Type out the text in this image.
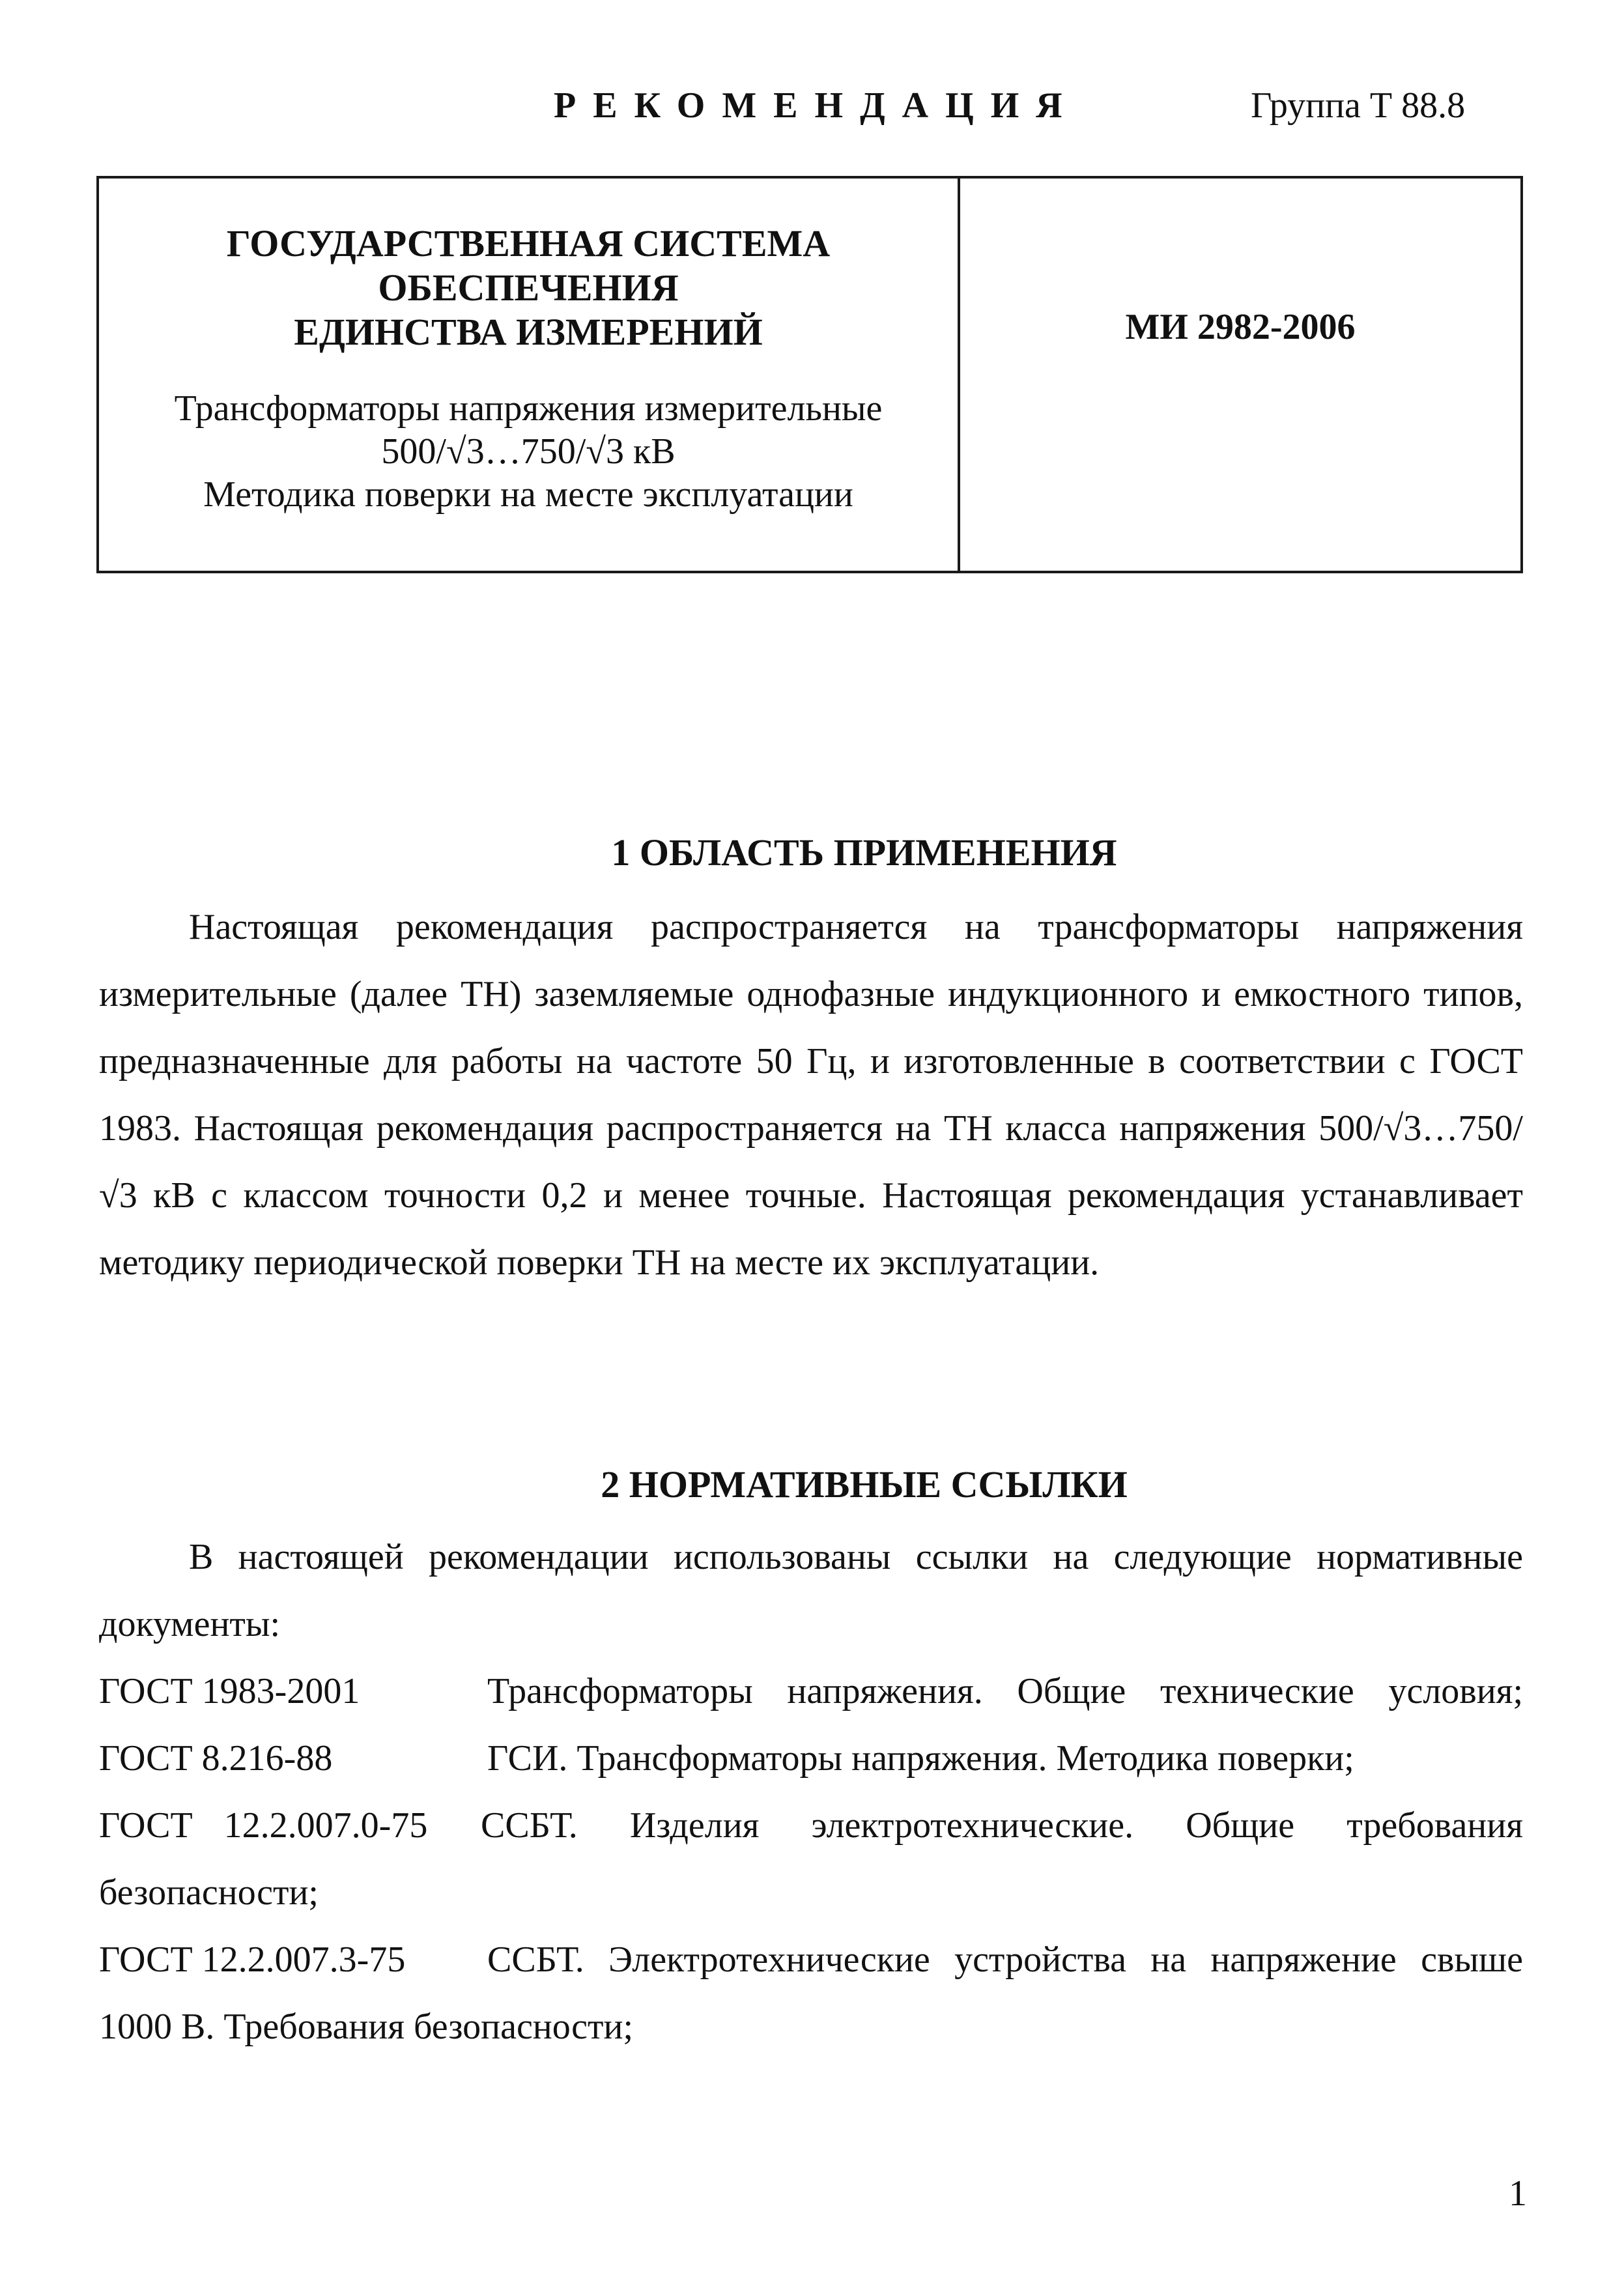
РЕКОМЕНДАЦИЯ	Группа Т 88.8
ГОСУДАРСТВЕННАЯ СИСТЕМА
ОБЕСПЕЧЕНИЯ
ЕДИНСТВА ИЗМЕРЕНИЙ
Трансформаторы напряжения измерительные
500/√3…750/√3 кВ
Методика поверки на месте эксплуатации
МИ 2982-2006
1 ОБЛАСТЬ ПРИМЕНЕНИЯ

Настоящая рекомендация распространяется на трансформаторы напряжения измерительные (далее ТН) заземляемые однофазные индукционного и емкостного типов, предназначенные для работы на частоте 50 Гц, и изготовленные в соответствии с ГОСТ 1983. Настоящая рекомендация распространяется на ТН класса напряжения 500/√3…750/√3 кВ с классом точности 0,2 и менее точные. Настоящая рекомендация устанавливает методику периодической поверки ТН на месте их эксплуатации.

2 НОРМАТИВНЫЕ ССЫЛКИ

В настоящей рекомендации использованы ссылки на следующие нормативные документы:

ГОСТ 1983-2001	Трансформаторы напряжения. Общие технические условия;
ГОСТ 8.216-88	ГСИ. Трансформаторы напряжения. Методика поверки;
ГОСТ 12.2.007.0-75 ССБТ. Изделия электротехнические. Общие требования
безопасности;
ГОСТ 12.2.007.3-75 ССБТ. Электротехнические устройства на напряжение свыше
1000 В. Требования безопасности;
1
